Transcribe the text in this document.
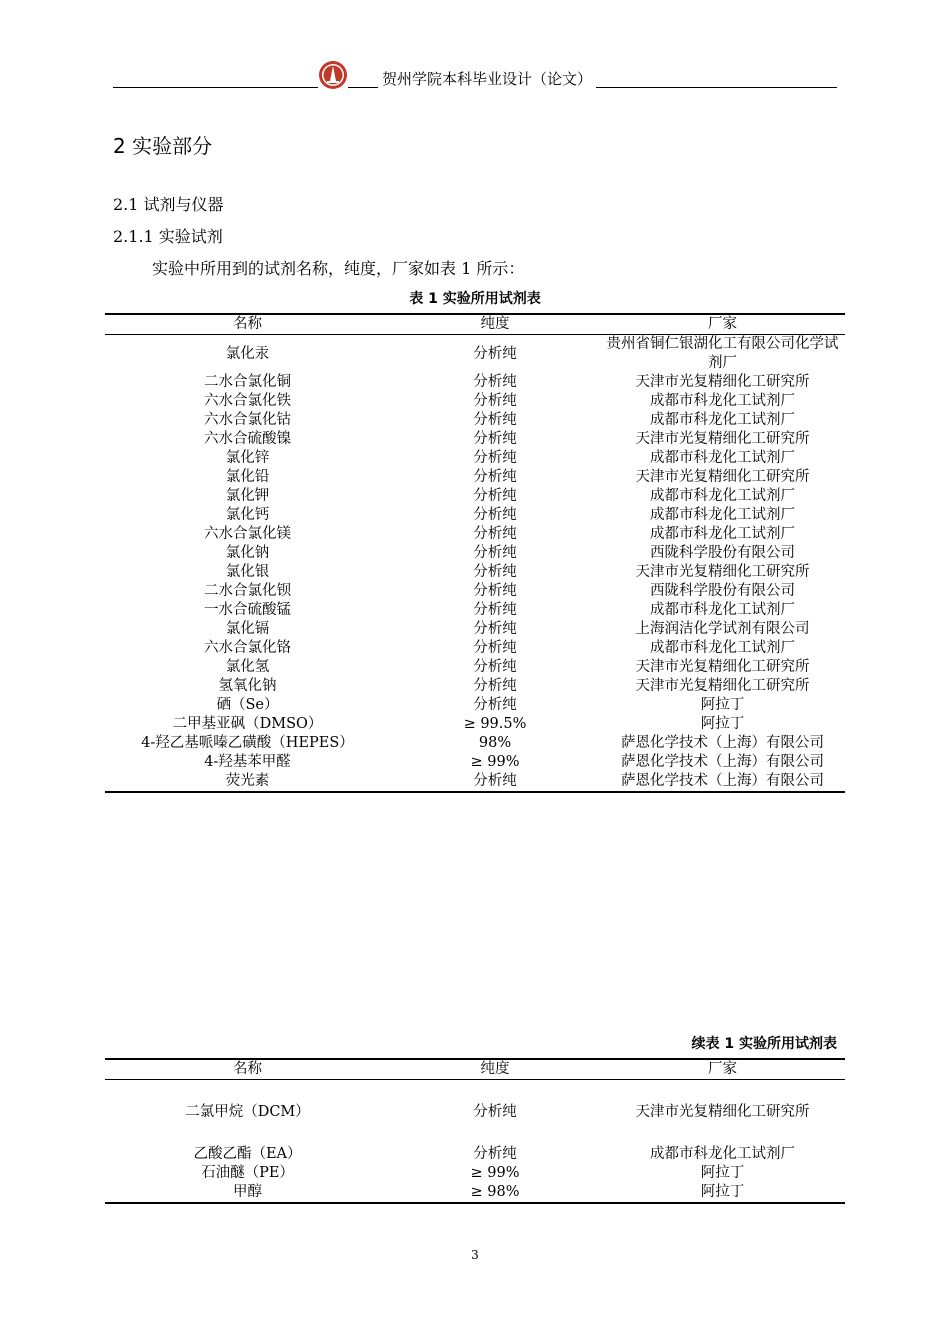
贺州学院本科毕业设计（论文）
2 实验部分
2.1 试剂与仪器
2.1.1 实验试剂
实验中所用到的试剂名称，纯度，厂家如表 1 所示：
表 1 实验所用试剂表
名称	纯度	厂家
氯化汞	分析纯	贵州省铜仁银湖化工有限公司化学试剂厂
二水合氯化铜	分析纯	天津市光复精细化工研究所
六水合氯化铁	分析纯	成都市科龙化工试剂厂
六水合氯化钴	分析纯	成都市科龙化工试剂厂
六水合硫酸镍	分析纯	天津市光复精细化工研究所
氯化锌	分析纯	成都市科龙化工试剂厂
氯化铅	分析纯	天津市光复精细化工研究所
氯化钾	分析纯	成都市科龙化工试剂厂
氯化钙	分析纯	成都市科龙化工试剂厂
六水合氯化镁	分析纯	成都市科龙化工试剂厂
氯化钠	分析纯	西陇科学股份有限公司
氯化银	分析纯	天津市光复精细化工研究所
二水合氯化钡	分析纯	西陇科学股份有限公司
一水合硫酸锰	分析纯	成都市科龙化工试剂厂
氯化镉	分析纯	上海润洁化学试剂有限公司
六水合氯化铬	分析纯	成都市科龙化工试剂厂
氯化氢	分析纯	天津市光复精细化工研究所
氢氧化钠	分析纯	天津市光复精细化工研究所
硒（Se）	分析纯	阿拉丁
二甲基亚砜（DMSO）	≥ 99.5%	阿拉丁
4-羟乙基哌嗪乙磺酸（HEPES）	98%	萨恩化学技术（上海）有限公司
4-羟基苯甲醛	≥ 99%	萨恩化学技术（上海）有限公司
荧光素	分析纯	萨恩化学技术（上海）有限公司
续表 1 实验所用试剂表
名称	纯度	厂家
二氯甲烷（DCM）	分析纯	天津市光复精细化工研究所
乙酸乙酯（EA）	分析纯	成都市科龙化工试剂厂
石油醚（PE）	≥ 99%	阿拉丁
甲醇	≥ 98%	阿拉丁
3
